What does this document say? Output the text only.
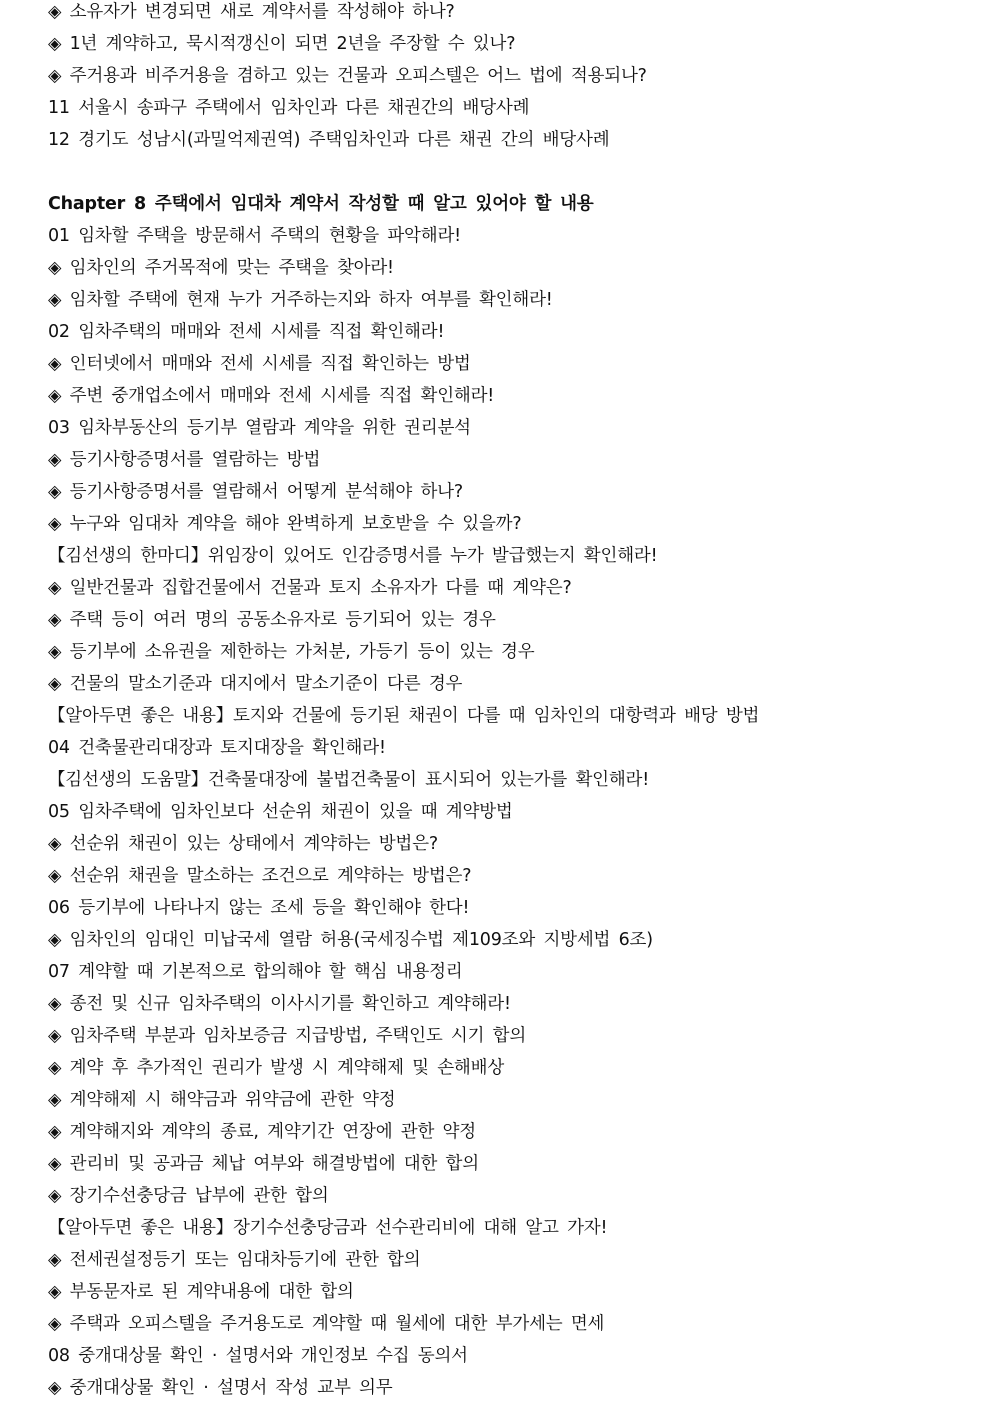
◈ 소유자가 변경되면 새로 계약서를 작성해야 하나?
◈ 1년 계약하고, 묵시적갱신이 되면 2년을 주장할 수 있나?
◈ 주거용과 비주거용을 겸하고 있는 건물과 오피스텔은 어느 법에 적용되나?
11 서울시 송파구 주택에서 임차인과 다른 채권간의 배당사례
12 경기도 성남시(과밀억제권역) 주택임차인과 다른 채권 간의 배당사례
Chapter 8 주택에서 임대차 계약서 작성할 때 알고 있어야 할 내용
01 임차할 주택을 방문해서 주택의 현황을 파악해라!
◈ 임차인의 주거목적에 맞는 주택을 찾아라!
◈ 임차할 주택에 현재 누가 거주하는지와 하자 여부를 확인해라!
02 임차주택의 매매와 전세 시세를 직접 확인해라!
◈ 인터넷에서 매매와 전세 시세를 직접 확인하는 방법
◈ 주변 중개업소에서 매매와 전세 시세를 직접 확인해라!
03 임차부동산의 등기부 열람과 계약을 위한 권리분석
◈ 등기사항증명서를 열람하는 방법
◈ 등기사항증명서를 열람해서 어떻게 분석해야 하나?
◈ 누구와 임대차 계약을 해야 완벽하게 보호받을 수 있을까?
【김선생의 한마디】위임장이 있어도 인감증명서를 누가 발급했는지 확인해라!
◈ 일반건물과 집합건물에서 건물과 토지 소유자가 다를 때 계약은?
◈ 주택 등이 여러 명의 공동소유자로 등기되어 있는 경우
◈ 등기부에 소유권을 제한하는 가처분, 가등기 등이 있는 경우
◈ 건물의 말소기준과 대지에서 말소기준이 다른 경우
【알아두면 좋은 내용】토지와 건물에 등기된 채권이 다를 때 임차인의 대항력과 배당 방법
04 건축물관리대장과 토지대장을 확인해라!
【김선생의 도움말】건축물대장에 불법건축물이 표시되어 있는가를 확인해라!
05 임차주택에 임차인보다 선순위 채권이 있을 때 계약방법
◈ 선순위 채권이 있는 상태에서 계약하는 방법은?
◈ 선순위 채권을 말소하는 조건으로 계약하는 방법은?
06 등기부에 나타나지 않는 조세 등을 확인해야 한다!
◈ 임차인의 임대인 미납국세 열람 허용(국세징수법 제109조와 지방세법 6조)
07 계약할 때 기본적으로 합의해야 할 핵심 내용정리
◈ 종전 및 신규 임차주택의 이사시기를 확인하고 계약해라!
◈ 임차주택 부분과 임차보증금 지급방법, 주택인도 시기 합의
◈ 계약 후 추가적인 권리가 발생 시 계약해제 및 손해배상
◈ 계약해제 시 해약금과 위약금에 관한 약정
◈ 계약해지와 계약의 종료, 계약기간 연장에 관한 약정
◈ 관리비 및 공과금 체납 여부와 해결방법에 대한 합의
◈ 장기수선충당금 납부에 관한 합의
【알아두면 좋은 내용】장기수선충당금과 선수관리비에 대해 알고 가자!
◈ 전세권설정등기 또는 임대차등기에 관한 합의
◈ 부동문자로 된 계약내용에 대한 합의
◈ 주택과 오피스텔을 주거용도로 계약할 때 월세에 대한 부가세는 면세
08 중개대상물 확인 · 설명서와 개인정보 수집 동의서
◈ 중개대상물 확인 · 설명서 작성 교부 의무
